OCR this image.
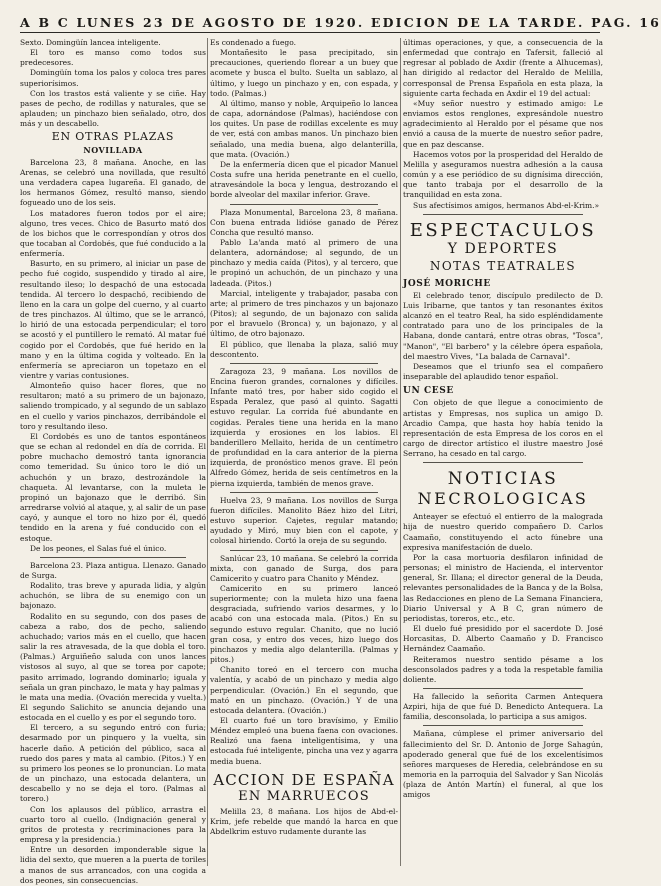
A B C LUNES 23 DE AGOSTO DE 1920. EDICION DE LA TARDE. PAG. 16

Sexto. Domingüín lancea inteligente.

El toro es manso como todos sus predecesores.

Domingüín toma los palos y coloca tres pares superiorísimos.

Con los trastos está valiente y se ciñe. Hay pases de pecho, de rodillas y naturales, que se aplauden; un pinchazo bien señalado, otro, dos más y un descabello.

EN OTRAS PLAZAS
NOVILLADA

Barcelona 23, 8 mañana. Anoche, en las Arenas, se celebró una novillada, que resultó una verdadera capea lugareña. El ganado, de los hermanos Gómez, resultó manso, siendo fogueado uno de los seis.

Los matadores fueron todos por el aire; alguno, tres veces. Chico de Basurto mató dos de los bichos que le correspondían y otros dos que tocaban al Cordobés, que fué conducido a la enfermería.

Basurto, en su primero, al iniciar un pase de pecho fué cogido, suspendido y tirado al aire, resultando ileso; lo despachó de una estocada tendida. Al tercero lo despachó, recibiendo de lleno en la cara un golpe del cuerno, y al cuarto de tres pinchazos. Al último, que se le arrancó, lo hirió de una estocada perpendicular; el toro se acostó y el puntillero le remató. Al matar fué cogido por el Cordobés, que fué herido en la mano y en la última cogida y volteado. En la enfermería se apreciaron un topetazo en el vientre y varias contusiones.

Almonteño quiso hacer flores, que no resultaron; mató a su primero de un bajonazo, saliendo trompicado, y al segundo de un sablazo en el cuello y varios pinchazos, derribándole el toro y resultando ileso.

El Cordobés es uno de tantos espontáneos que se echan al redondel en día de corrida. El pobre muchacho demostró tanta ignorancia como temeridad. Su único toro le dió un achuchón y un brazo, destrozándole la chaqueta. Al levantarse, con la muleta le propinó un bajonazo que le derribó. Sin arredrarse volvió al ataque, y, al salir de un pase cayó, y aunque el toro no hizo por él, quedó tendido en la arena y fué conducido con el estoque.

De los peones, el Salas fué el único.

Barcelona 23. Plaza antigua. Llenazo. Ganado de Surga.

Rodalito, tras breve y apurada lidia, y algún achuchón, se libra de su enemigo con un bajonazo.

Rodalito en su segundo, con dos pases de cabeza a rabo, dos de pecho, saliendo achuchado; varios más en el cuello, que hacen salir la res atravesada, de la que dobla el toro. (Palmas.) Arguiñeño saluda con unos lances vistosos al suyo, al que se torea por capote; pasito arrimado, logrando dominarlo; iguala y señala un gran pinchazo, le mata y hay palmas y le mata una media. (Ovación merecida y vuelta.) El segundo Salichito se anuncia dejando una estocada en el cuello y es por el segundo toro.

El tercero, a su segundo entró con furia; desarmado por un pinquero y la vuelta, sin hacerle daño. A petición del público, saca al ruedo dos pares y mata al cambio. (Pitos.) Y en su primero los peones se lo pronuncian. Lo mata de un pinchazo, una estocada delantera, un descabello y no se deja el toro. (Palmas al torero.)

Con los aplausos del público, arrastra el cuarto toro al cuello. (Indignación general y gritos de protesta y recriminaciones para la empresa y la presidencia.)

Entre un desorden imponderable sigue la lidia del sexto, que mueren a la puerta de toriles a manos de sus arrancados, con una cogida a dos peones, sin consecuencias.

Es condenado a fuego.

Montañesito le pasa precipitado, sin precauciones, queriendo florear a un buey que acomete y busca el bulto. Suelta un sablazo, al último, y luego un pinchazo y en, con espada, y todo. (Palmas.)

Al último, manso y noble, Arquipeño lo lancea de capa, adornándose (Palmas), haciéndose con los quites. Un pase de rodillas excelente es muy de ver, está con ambas manos. Un pinchazo bien señalado, una media buena, algo delanterilla, que mata. (Ovación.)

De la enfermería dicen que el picador Manuel Costa sufre una herida penetrante en el cuello, atravesándole la boca y lengua, destrozando el borde alveolar del maxilar inferior. Grave.

Plaza Monumental, Barcelona 23, 8 mañana. Con buena entrada lidióse ganado de Pérez Concha que resultó manso.

Pablo La'anda mató al primero de una delantera, adornándose; al segundo, de un pinchazo y media caída (Pitos), y al tercero, que le propinó un achuchón, de un pinchazo y una ladeada. (Pitos.)

Marcial, inteligente y trabajador, pasaba con arte; al primero de tres pinchazos y un bajonazo (Pitos); al segundo, de un bajonazo con salida por el bravuelo (Bronca) y, un bajonazo, y al último, de otro bajonazo.

El público, que llenaba la plaza, salió muy descontento.

Zaragoza 23, 9 mañana. Los novillos de Encina fueron grandes, cornalones y difíciles. Infante mató tres, por haber sido cogido el Espada Peralez, que pasó al quinto. Sagatti estuvo regular. La corrida fué abundante en cogidas. Perales tiene una herida en la mano izquierda y erosiones en los labios. El banderillero Mellaito, herida de un centímetro de profundidad en la cara anterior de la pierna izquierda, de pronóstico menos grave. El peón Alfredo Gómez, herida de seis centímetros en la pierna izquierda, también de menos grave.

Huelva 23, 9 mañana. Los novillos de Surga fueron difíciles. Manolito Báez hizo del Litri, estuvo superior. Cajetes, regular matando; ayudado y Miró, muy bien con el capote, y colosal hiriendo. Cortó la oreja de su segundo.

Sanlúcar 23, 10 mañana. Se celebró la corrida mixta, con ganado de Surga, dos para Camicerito y cuatro para Chanito y Méndez.

Camicerito en su primero lanceó superiormente; con la muleta hizo una faena desgraciada, sufriendo varios desarmes, y lo acabó con una estocada mala. (Pitos.) En su segundo estuvo regular. Chanito, que no lució gran cosa, y entro dos veces, hizo luego dos pinchazos y media algo delanterilla. (Palmas y pitos.)

Chanito toreó en el tercero con mucha valentía, y acabó de un pinchazo y media algo perpendicular. (Ovación.) En el segundo, que mató en un pinchazo. (Ovación.) Y de una estocada delantera. (Ovación.)

El cuarto fué un toro bravísimo, y Emilio Méndez empleó una buena faena con ovaciones. Realizó una faena inteligentísima, y una estocada fué inteligente, pincha una vez y agarra media buena.

ACCION DE ESPAÑA
EN MARRUECOS

Melilla 23, 8 mañana. Los hijos de Abd-el-Krim, jefe rebelde que mandó la harca en que Abdelkrim estuvo rudamente durante las

últimas operaciones, y que, a consecuencia de la enfermedad que contrajo en Tafersit, falleció al regresar al poblado de Axdir (frente a Alhucemas), han dirigido al redactor del Heraldo de Melilla, corresponsal de Prensa Española en esta plaza, la siguiente carta fechada en Axdir el 19 del actual:

«Muy señor nuestro y estimado amigo: Le enviamos estos renglones, expresándole nuestro agradecimiento al Heraldo por el pésame que nos envió a causa de la muerte de nuestro señor padre, que en paz descanse.

Hacemos votos por la prosperidad del Heraldo de Melilla y aseguramos nuestra adhesión a la causa común y a ese periódico de su dignísima dirección, que tanto trabaja por el desarrollo de la tranquilidad en esta zona.

Sus afectísimos amigos, hermanos Abd-el-Krim.»

ESPECTACULOS
Y DEPORTES
NOTAS TEATRALES
JOSÉ MORICHE

El celebrado tenor, discípulo predilecto de D. Luis Iribarne, que tantos y tan resonantes éxitos alcanzó en el teatro Real, ha sido espléndidamente contratado para uno de los principales de la Habana, donde cantará, entre otras obras, "Tosca", "Manon", "El barbero" y la célebre ópera española, del maestro Vives, "La balada de Carnaval".

Deseamos que el triunfo sea el compañero inseparable del aplaudido tenor español.

UN CESE

Con objeto de que llegue a conocimiento de artistas y Empresas, nos suplica un amigo D. Arcadio Campa, que hasta hoy había tenido la representación de esta Empresa de los coros en el cargo de director artístico el ilustre maestro José Serrano, ha cesado en tal cargo.

NOTICIAS
NECROLOGICAS

Anteayer se efectuó el entierro de la malograda hija de nuestro querido compañero D. Carlos Caamaño, constituyendo el acto fúnebre una expresiva manifestación de duelo.

Por la casa mortuoria desfilaron infinidad de personas; el ministro de Hacienda, el interventor general, Sr. Illana; el director general de la Deuda, relevantes personalidades de la Banca y de la Bolsa, las Redacciones en pleno de La Semana Financiera, Diario Universal y A B C, gran número de periodistas, toreros, etc., etc.

El duelo fué presidido por el sacerdote D. José Horcasitas, D. Alberto Caamaño y D. Francisco Hernández Caamaño.

Reiteramos nuestro sentido pésame a los desconsolados padres y a toda la respetable familia doliente.

Ha fallecido la señorita Carmen Antequera Azpiri, hija de que fué D. Benedicto Antequera. La familia, desconsolada, lo participa a sus amigos.

Mañana, cúmplese el primer aniversario del fallecimiento del Sr. D. Antonio de Jorge Sahagún, apoderado general que fué de los excelentísimos señores marqueses de Heredia, celebrándose en su memoria en la parroquia del Salvador y San Nicolás (plaza de Antón Martín) el funeral, al que los amigos
